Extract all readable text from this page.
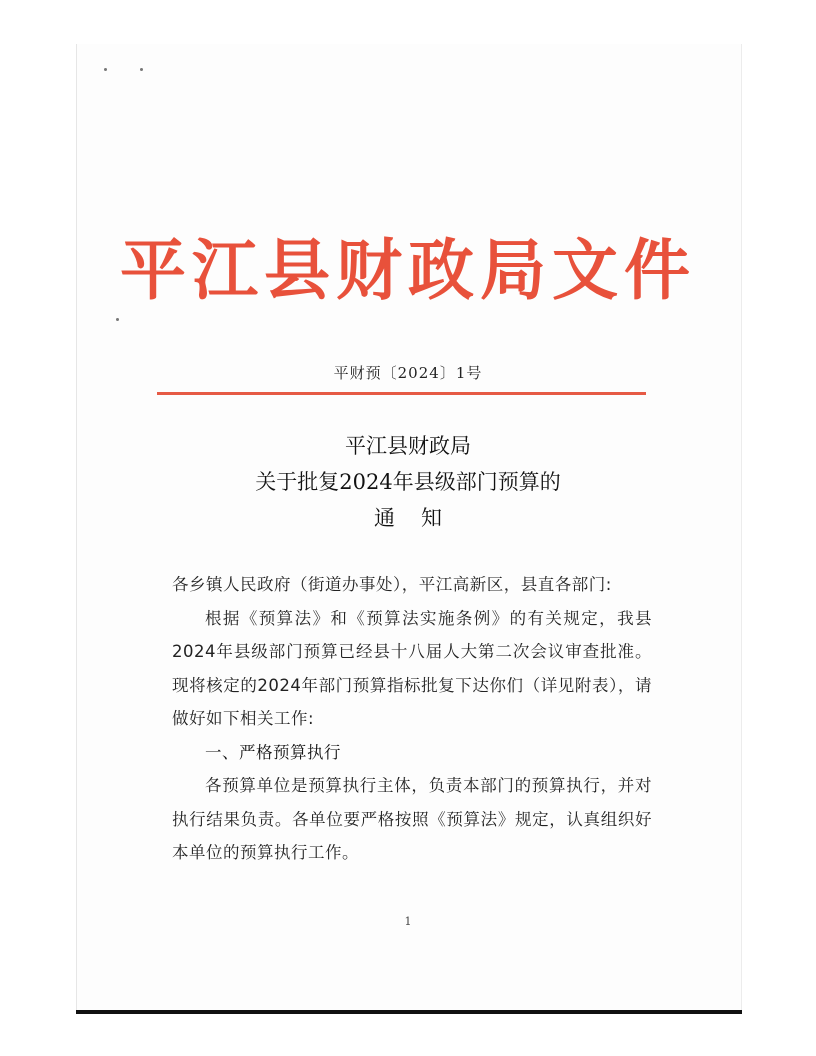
平江县财政局文件
平财预〔2024〕1号
平江县财政局
关于批复2024年县级部门预算的
通知

各乡镇人民政府（街道办事处），平江高新区，县直各部门:

根据《预算法》和《预算法实施条例》的有关规定，我县2024年县级部门预算已经县十八届人大第二次会议审查批准。现将核定的2024年部门预算指标批复下达你们（详见附表），请做好如下相关工作:

一、严格预算执行

各预算单位是预算执行主体，负责本部门的预算执行，并对执行结果负责。各单位要严格按照《预算法》规定，认真组织好本单位的预算执行工作。

1
